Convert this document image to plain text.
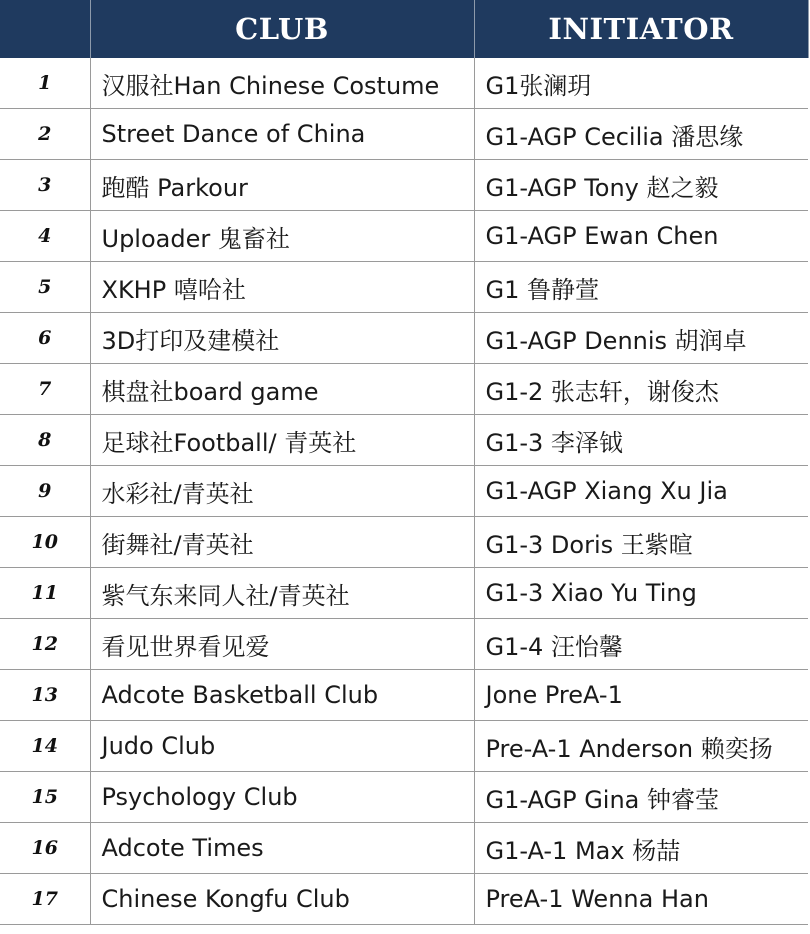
	CLUB	INITIATOR
1	汉服社Han Chinese Costume	G1张澜玥
2	Street Dance of China	G1-AGP Cecilia 潘思缘
3	跑酷 Parkour	G1-AGP Tony 赵之毅
4	Uploader 鬼畜社	G1-AGP Ewan Chen
5	XKHP 嘻哈社	G1 鲁静萱
6	3D打印及建模社	G1-AGP Dennis 胡润卓
7	棋盘社board game	G1-2 张志轩，谢俊杰
8	足球社Football/ 青英社	G1-3 李泽钺
9	水彩社/青英社	G1-AGP Xiang Xu Jia
10	街舞社/青英社	G1-3 Doris 王紫暄
11	紫气东来同人社/青英社	G1-3 Xiao Yu Ting
12	看见世界看见爱	G1-4 汪怡馨
13	Adcote Basketball Club	Jone PreA-1
14	Judo Club	Pre-A-1 Anderson 赖奕扬
15	Psychology Club	G1-AGP Gina 钟睿莹
16	Adcote Times	G1-A-1 Max 杨喆
17	Chinese Kongfu Club	PreA-1 Wenna Han
